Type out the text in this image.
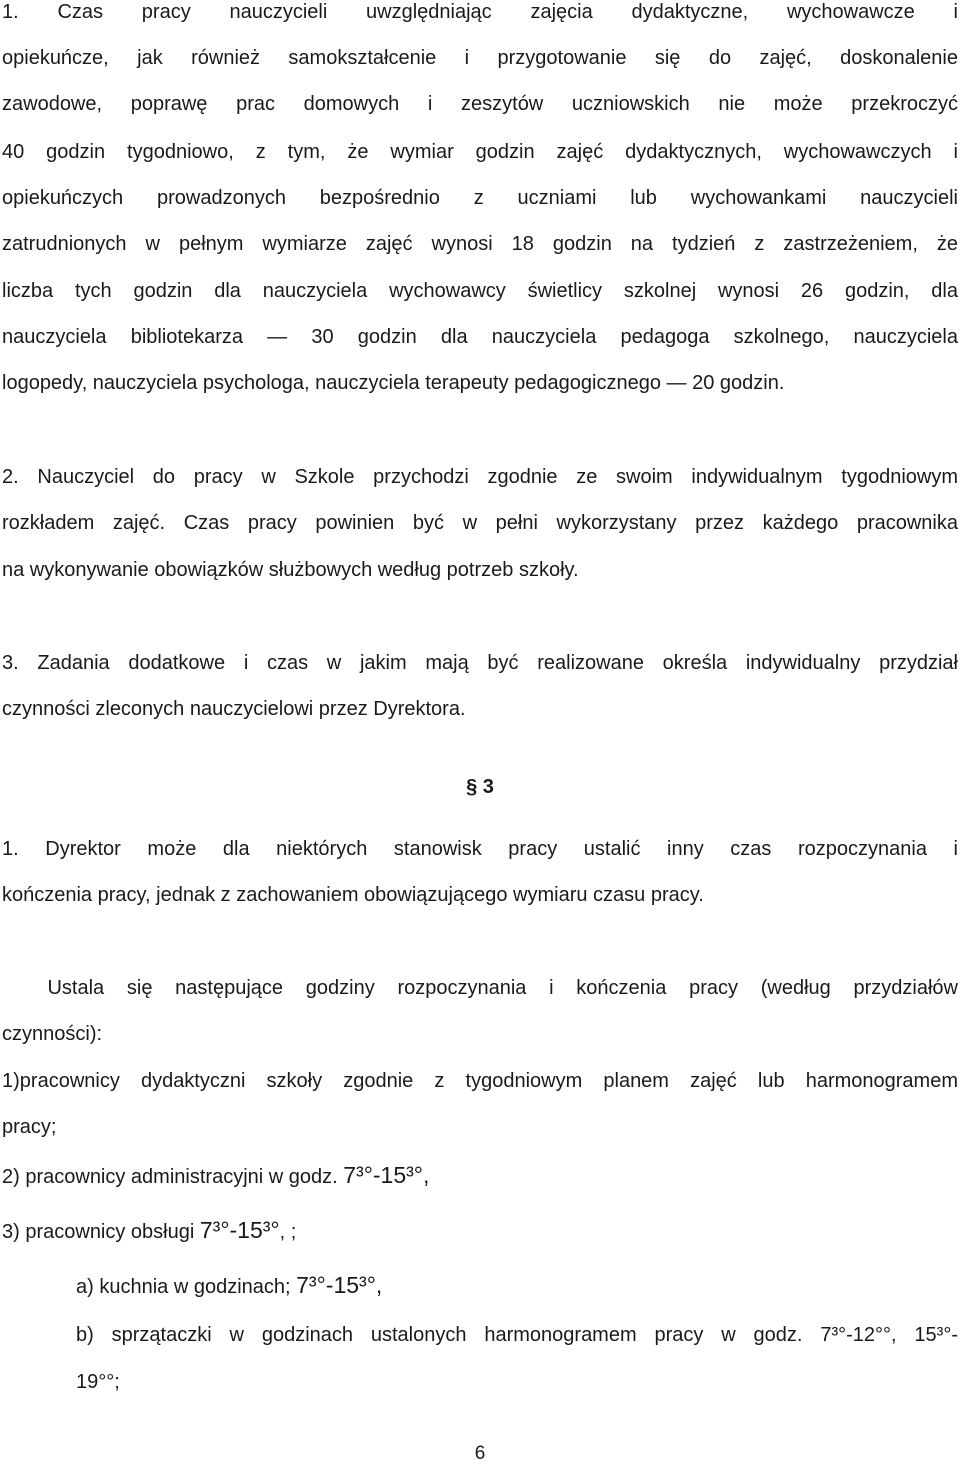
1. Czas pracy nauczycieli uwzględniając zajęcia dydaktyczne, wychowawcze i
opiekuńcze, jak również samokształcenie i przygotowanie się do zajęć, doskonalenie
zawodowe, poprawę prac domowych i zeszytów uczniowskich nie może przekroczyć
40 godzin tygodniowo, z tym, że wymiar godzin zajęć dydaktycznych, wychowawczych i
opiekuńczych prowadzonych bezpośrednio z uczniami lub wychowankami nauczycieli
zatrudnionych w pełnym wymiarze zajęć wynosi 18 godzin na tydzień z zastrzeżeniem, że
liczba tych godzin dla nauczyciela wychowawcy świetlicy szkolnej wynosi 26 godzin, dla
nauczyciela bibliotekarza — 30 godzin dla nauczyciela pedagoga szkolnego, nauczyciela
logopedy, nauczyciela psychologa, nauczyciela terapeuty pedagogicznego — 20 godzin.
2. Nauczyciel do pracy w Szkole przychodzi zgodnie ze swoim indywidualnym tygodniowym
rozkładem zajęć. Czas pracy powinien być w pełni wykorzystany przez każdego pracownika
na wykonywanie obowiązków służbowych według potrzeb szkoły.
3. Zadania dodatkowe i czas w jakim mają być realizowane określa indywidualny przydział
czynności zleconych nauczycielowi przez Dyrektora.
§ 3
1. Dyrektor może dla niektórych stanowisk pracy ustalić inny czas rozpoczynania i
kończenia pracy, jednak z zachowaniem obowiązującego wymiaru czasu pracy.
Ustala się następujące godziny rozpoczynania i kończenia pracy (według przydziałów
czynności):
1)pracownicy dydaktyczni szkoły zgodnie z tygodniowym planem zajęć lub harmonogramem
pracy;
2) pracownicy administracyjni w godz. 7³°-15³°,
3) pracownicy obsługi 7³°-15³°, ;
a) kuchnia w godzinach; 7³°-15³°,
b) sprzątaczki w godzinach ustalonych harmonogramem pracy w godz. 7³°-12°°, 15³°-
19°°;
6
